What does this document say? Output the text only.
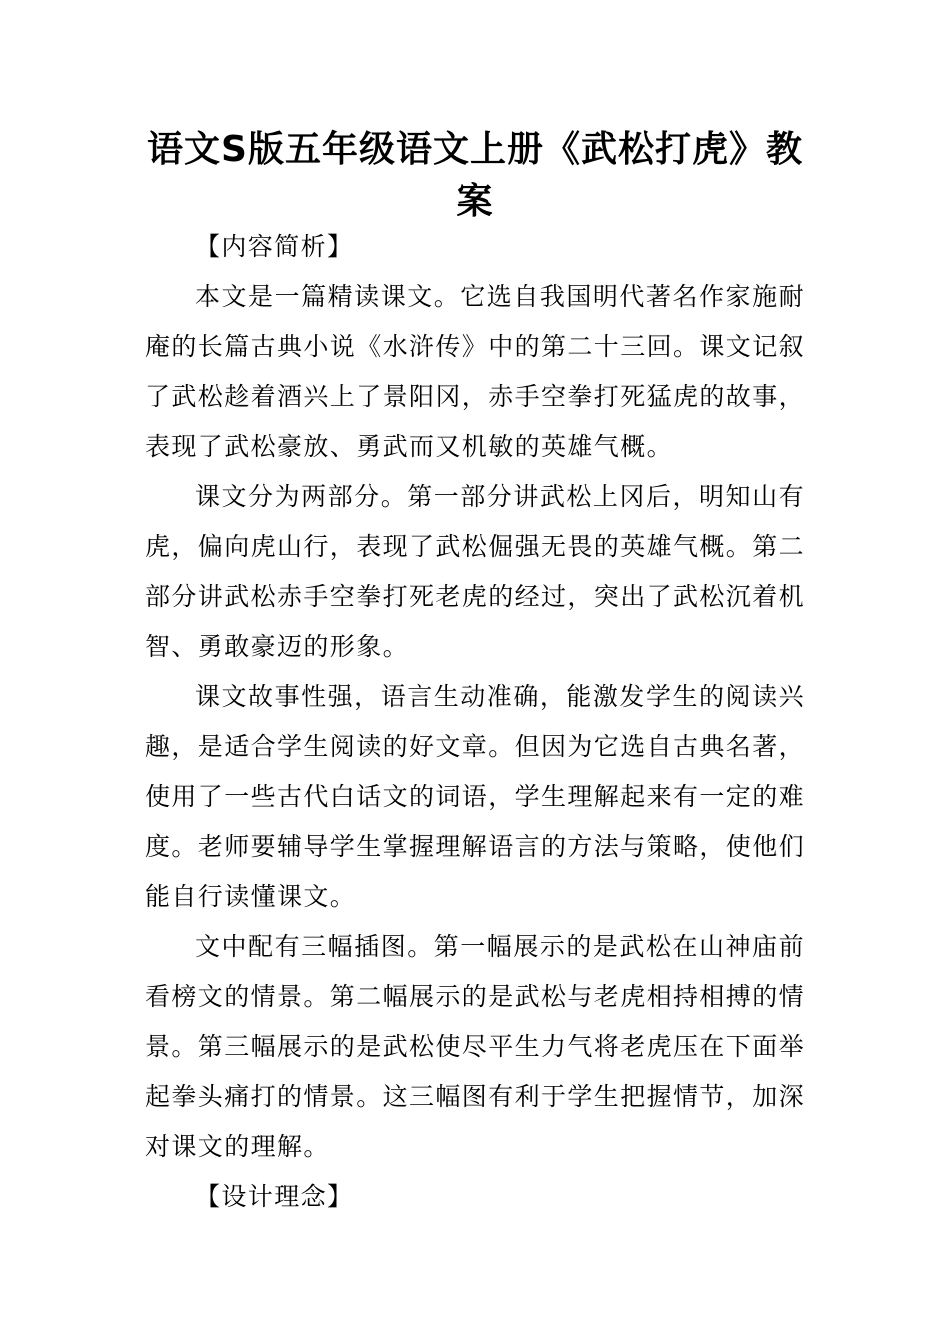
语文S版五年级语文上册《武松打虎》教案

【内容简析】

本文是一篇精读课文。它选自我国明代著名作家施耐庵的长篇古典小说《水浒传》中的第二十三回。课文记叙了武松趁着酒兴上了景阳冈，赤手空拳打死猛虎的故事，表现了武松豪放、勇武而又机敏的英雄气概。

课文分为两部分。第一部分讲武松上冈后，明知山有虎，偏向虎山行，表现了武松倔强无畏的英雄气概。第二部分讲武松赤手空拳打死老虎的经过，突出了武松沉着机智、勇敢豪迈的形象。

课文故事性强，语言生动准确，能激发学生的阅读兴趣，是适合学生阅读的好文章。但因为它选自古典名著，使用了一些古代白话文的词语，学生理解起来有一定的难度。老师要辅导学生掌握理解语言的方法与策略，使他们能自行读懂课文。

文中配有三幅插图。第一幅展示的是武松在山神庙前看榜文的情景。第二幅展示的是武松与老虎相持相搏的情景。第三幅展示的是武松使尽平生力气将老虎压在下面举起拳头痛打的情景。这三幅图有利于学生把握情节，加深对课文的理解。

【设计理念】
